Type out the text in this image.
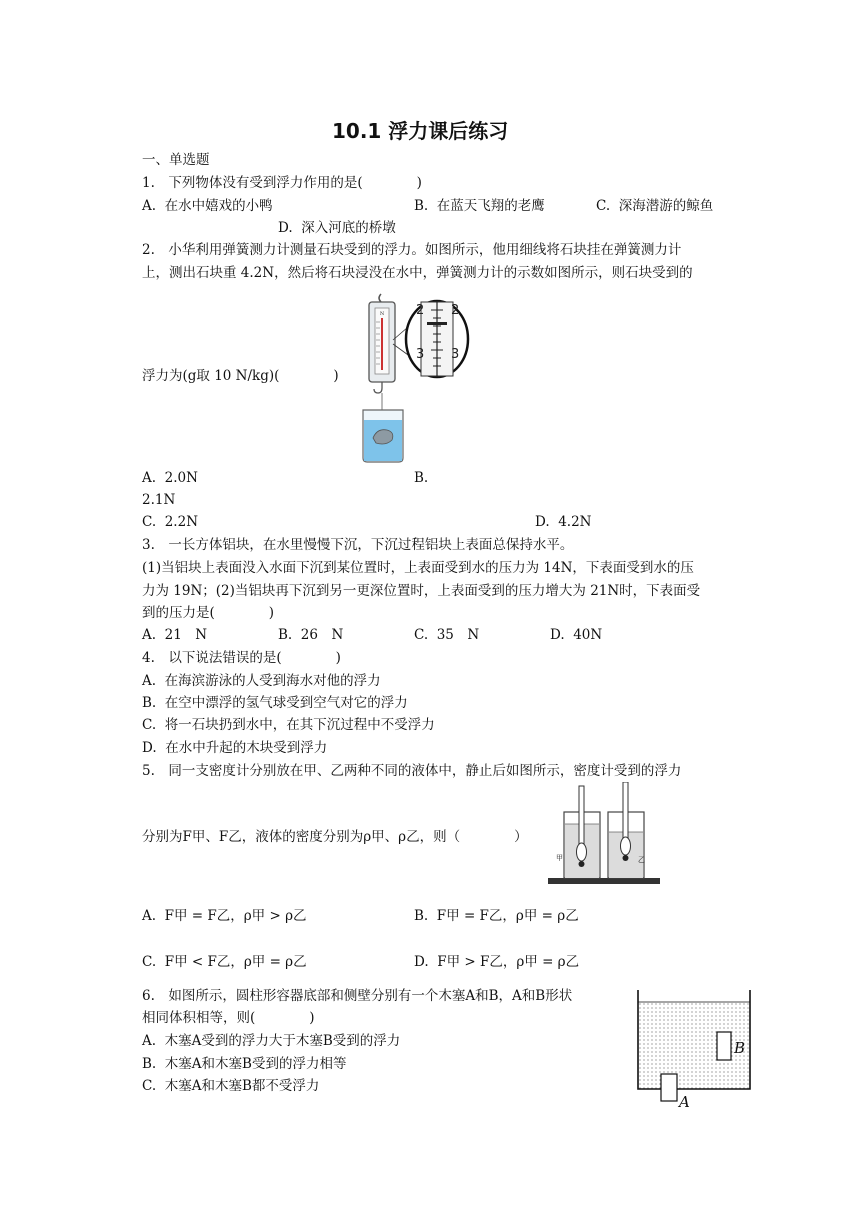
10.1 浮力课后练习
一、单选题
1.　下列物体没有受到浮力作用的是(　　　　)
A.  在水中嬉戏的小鸭	B.  在蓝天飞翔的老鹰	C.  深海潜游的鲸鱼
D.  深入河底的桥墩
2.　小华利用弹簧测力计测量石块受到的浮力。如图所示，他用细线将石块挂在弹簧测力计
上，测出石块重 4.2N，然后将石块浸没在水中，弹簧测力计的示数如图所示，则石块受到的
浮力为(g取 10 N/kg)(　　　　)
N 2 2
3 3
A.  2.0N	B.
2.1N
C.  2.2N	D.  4.2N
3.　一长方体铝块，在水里慢慢下沉，下沉过程铝块上表面总保持水平。
(1)当铝块上表面没入水面下沉到某位置时，上表面受到水的压力为 14N，下表面受到水的压
力为 19N；(2)当铝块再下沉到另一更深位置时，上表面受到的压力增大为 21N时，下表面受
到的压力是(　　　　)
A.  21　N	B.  26　N	C.  35　N	D.  40N
4.　以下说法错误的是(　　　　)
A.  在海滨游泳的人受到海水对他的浮力
B.  在空中漂浮的氢气球受到空气对它的浮力
C.  将一石块扔到水中，在其下沉过程中不受浮力
D.  在水中升起的木块受到浮力
5.　同一支密度计分别放在甲、乙两种不同的液体中，静止后如图所示，密度计受到的浮力
分别为F甲、F乙，液体的密度分别为ρ甲、ρ乙，则（　　　　）
甲	乙
A.  F甲 = F乙，ρ甲 > ρ乙	B.  F甲 = F乙，ρ甲 = ρ乙
C.  F甲 < F乙，ρ甲 = ρ乙	D.  F甲 > F乙，ρ甲 = ρ乙
6.　如图所示，圆柱形容器底部和侧壁分别有一个木塞A和B，A和B形状
相同体积相等，则(　　　　)
A.  木塞A受到的浮力大于木塞B受到的浮力
B.  木塞A和木塞B受到的浮力相等
C.  木塞A和木塞B都不受浮力
B
A
